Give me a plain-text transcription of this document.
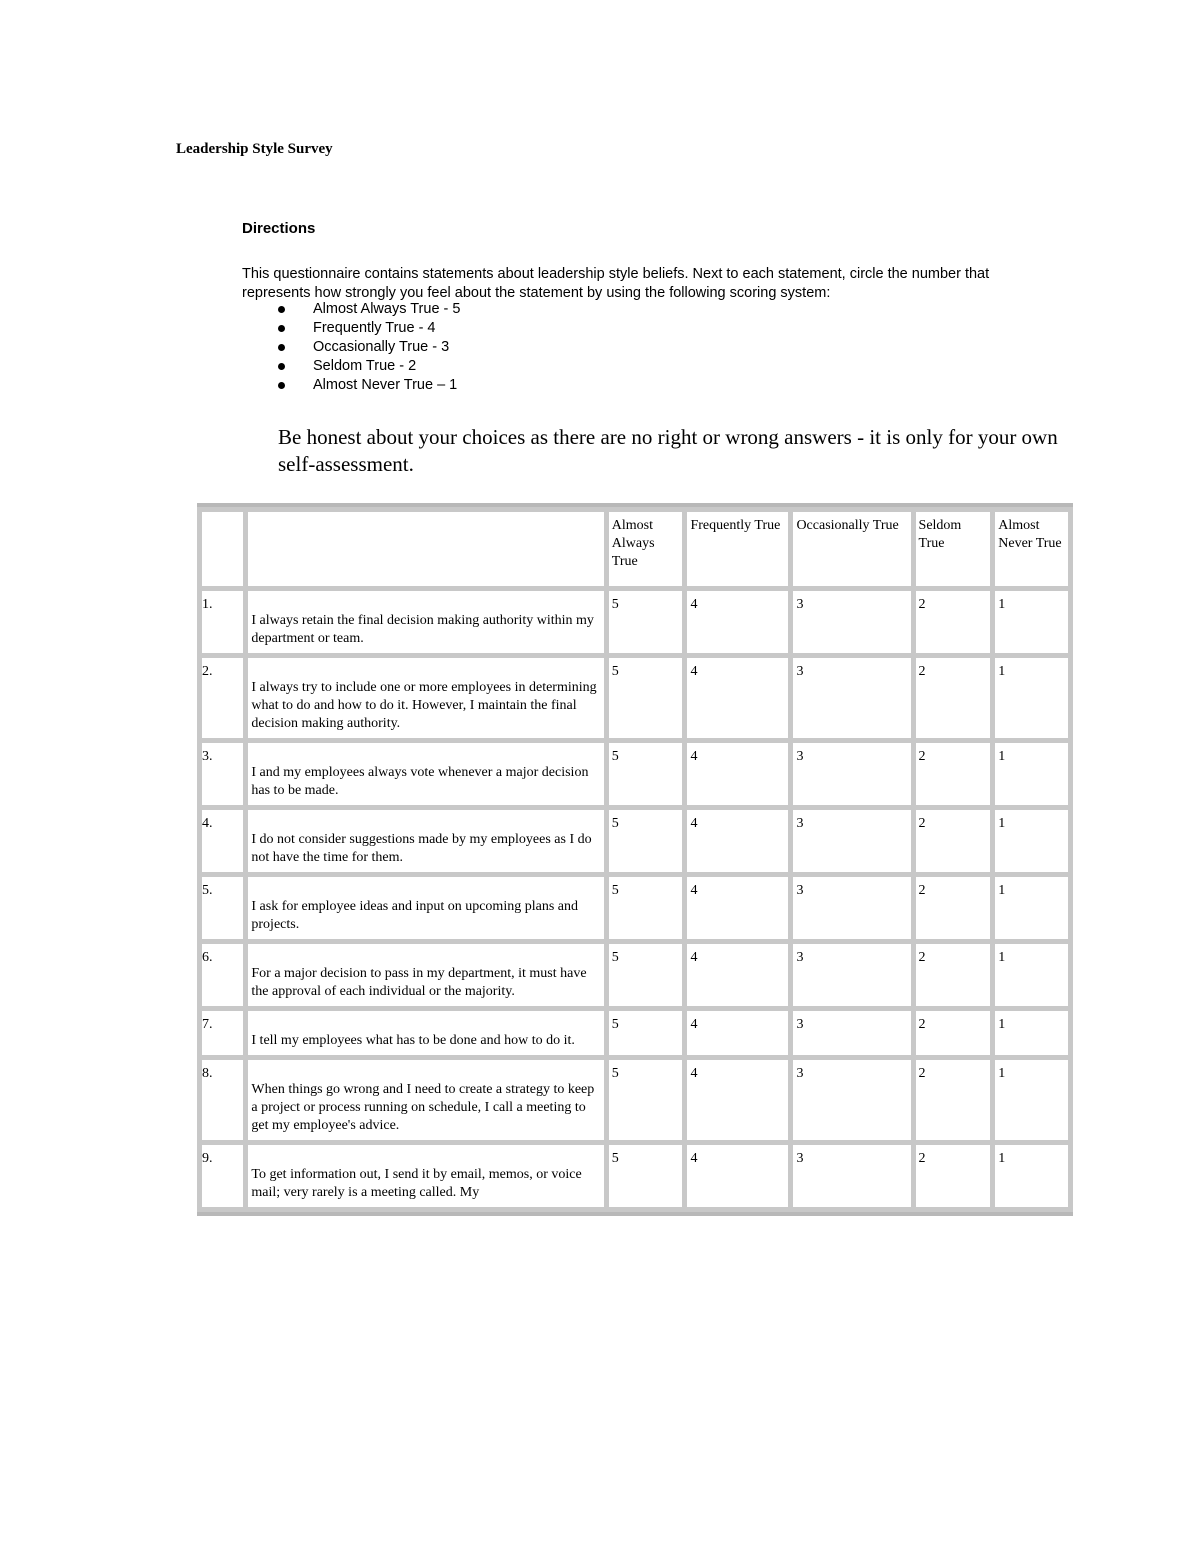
Leadership Style Survey
Directions
This questionnaire contains statements about leadership style beliefs. Next to each statement, circle the number that represents how strongly you feel about the statement by using the following scoring system:
Almost Always True - 5
Frequently True - 4
Occasionally True - 3
Seldom True - 2
Almost Never True – 1
Be honest about your choices as there are no right or wrong answers - it is only for your own self-assessment.
		Almost Always True	Frequently True	Occasionally True	Seldom True	Almost Never True
1.	I always retain the final decision making authority within my department or team.	5	4	3	2	1
2.	I always try to include one or more employees in determining what to do and how to do it. However, I maintain the final decision making authority.	5	4	3	2	1
3.	I and my employees always vote whenever a major decision has to be made.	5	4	3	2	1
4.	I do not consider suggestions made by my employees as I do not have the time for them.	5	4	3	2	1
5.	I ask for employee ideas and input on upcoming plans and projects.	5	4	3	2	1
6.	For a major decision to pass in my department, it must have the approval of each individual or the majority.	5	4	3	2	1
7.	I tell my employees what has to be done and how to do it.	5	4	3	2	1
8.	When things go wrong and I need to create a strategy to keep a project or process running on schedule, I call a meeting to get my employee's advice.	5	4	3	2	1
9.	To get information out, I send it by email, memos, or voice mail; very rarely is a meeting called. My	5	4	3	2	1
